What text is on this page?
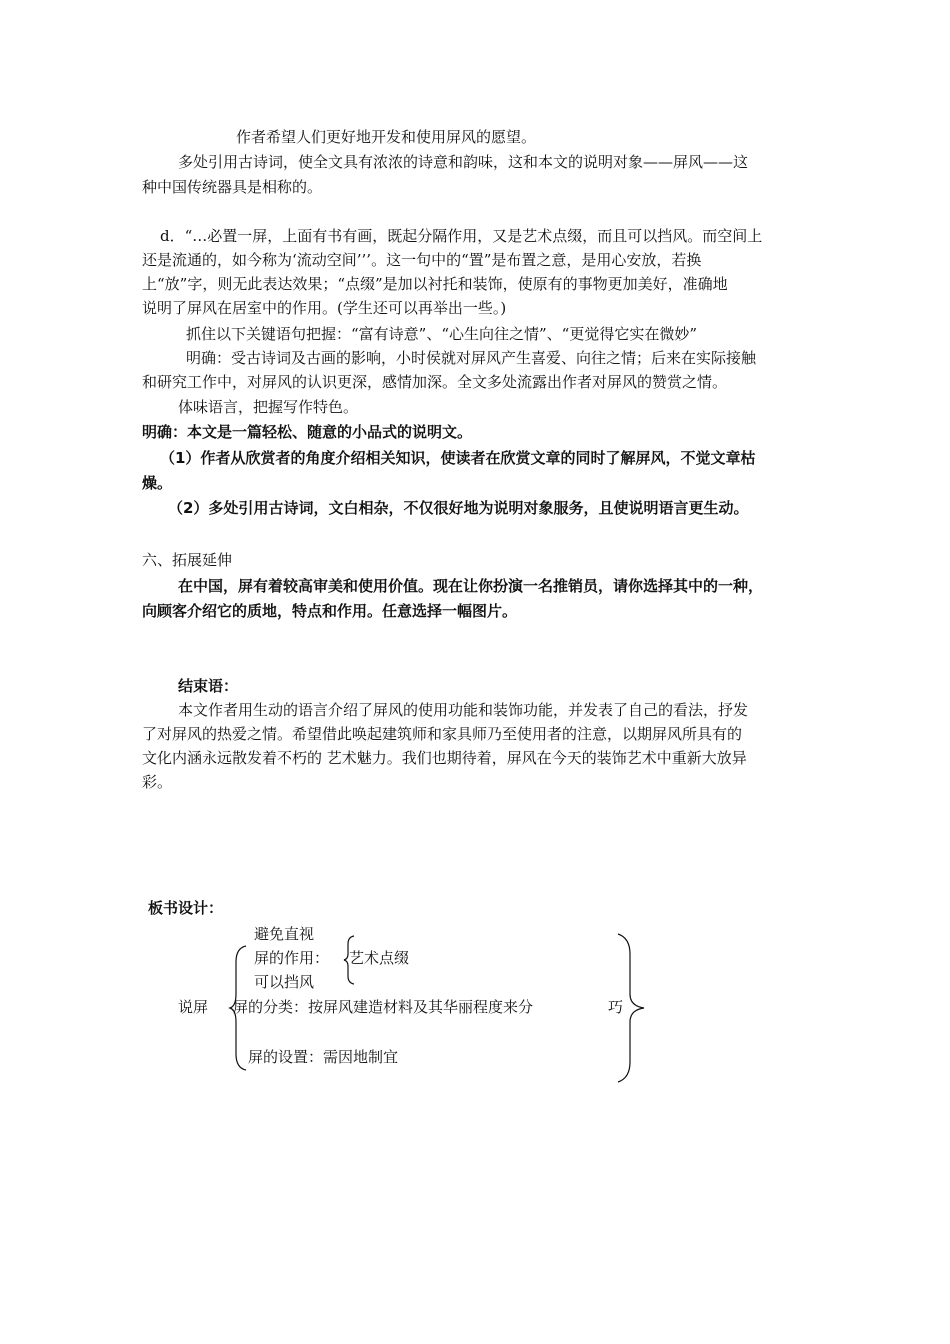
作者希望人们更好地开发和使用屏风的愿望。
多处引用古诗词，使全文具有浓浓的诗意和韵味，这和本文的说明对象——屏风——这
种中国传统器具是相称的。
d．“…必置一屏，上面有书有画，既起分隔作用，又是艺术点缀，而且可以挡风。而空间上
还是流通的，如今称为‘流动空间’’’。这一句中的“置”是布置之意，是用心安放，若换
上“放”字，则无此表达效果；“点缀”是加以衬托和装饰，使原有的事物更加美好，准确地
说明了屏风在居室中的作用。(学生还可以再举出一些。)
抓住以下关键语句把握：“富有诗意”、“心生向往之情”、“更觉得它实在微妙”
明确：受古诗词及古画的影响，小时侯就对屏风产生喜爱、向往之情；后来在实际接触
和研究工作中，对屏风的认识更深，感情加深。全文多处流露出作者对屏风的赞赏之情。
体味语言，把握写作特色。
明确：本文是一篇轻松、随意的小品式的说明文。
（1）作者从欣赏者的角度介绍相关知识，使读者在欣赏文章的同时了解屏风，不觉文章枯
燥。
（2）多处引用古诗词，文白相杂，不仅很好地为说明对象服务，且使说明语言更生动。
六、拓展延伸
在中国，屏有着较高审美和使用价值。现在让你扮演一名推销员，请你选择其中的一种，
向顾客介绍它的质地，特点和作用。任意选择一幅图片。
结束语：
本文作者用生动的语言介绍了屏风的使用功能和装饰功能，并发表了自己的看法，抒发
了对屏风的热爱之情。希望借此唤起建筑师和家具师乃至使用者的注意，以期屏风所具有的
文化内涵永远散发着不朽的 艺术魅力。我们也期待着，屏风在今天的装饰艺术中重新大放异
彩。
板书设计：
避免直视
屏的作用： 艺术点缀
可以挡风
说屏 屏的分类：按屏风建造材料及其华丽程度来分	巧
屏的设置：需因地制宜
